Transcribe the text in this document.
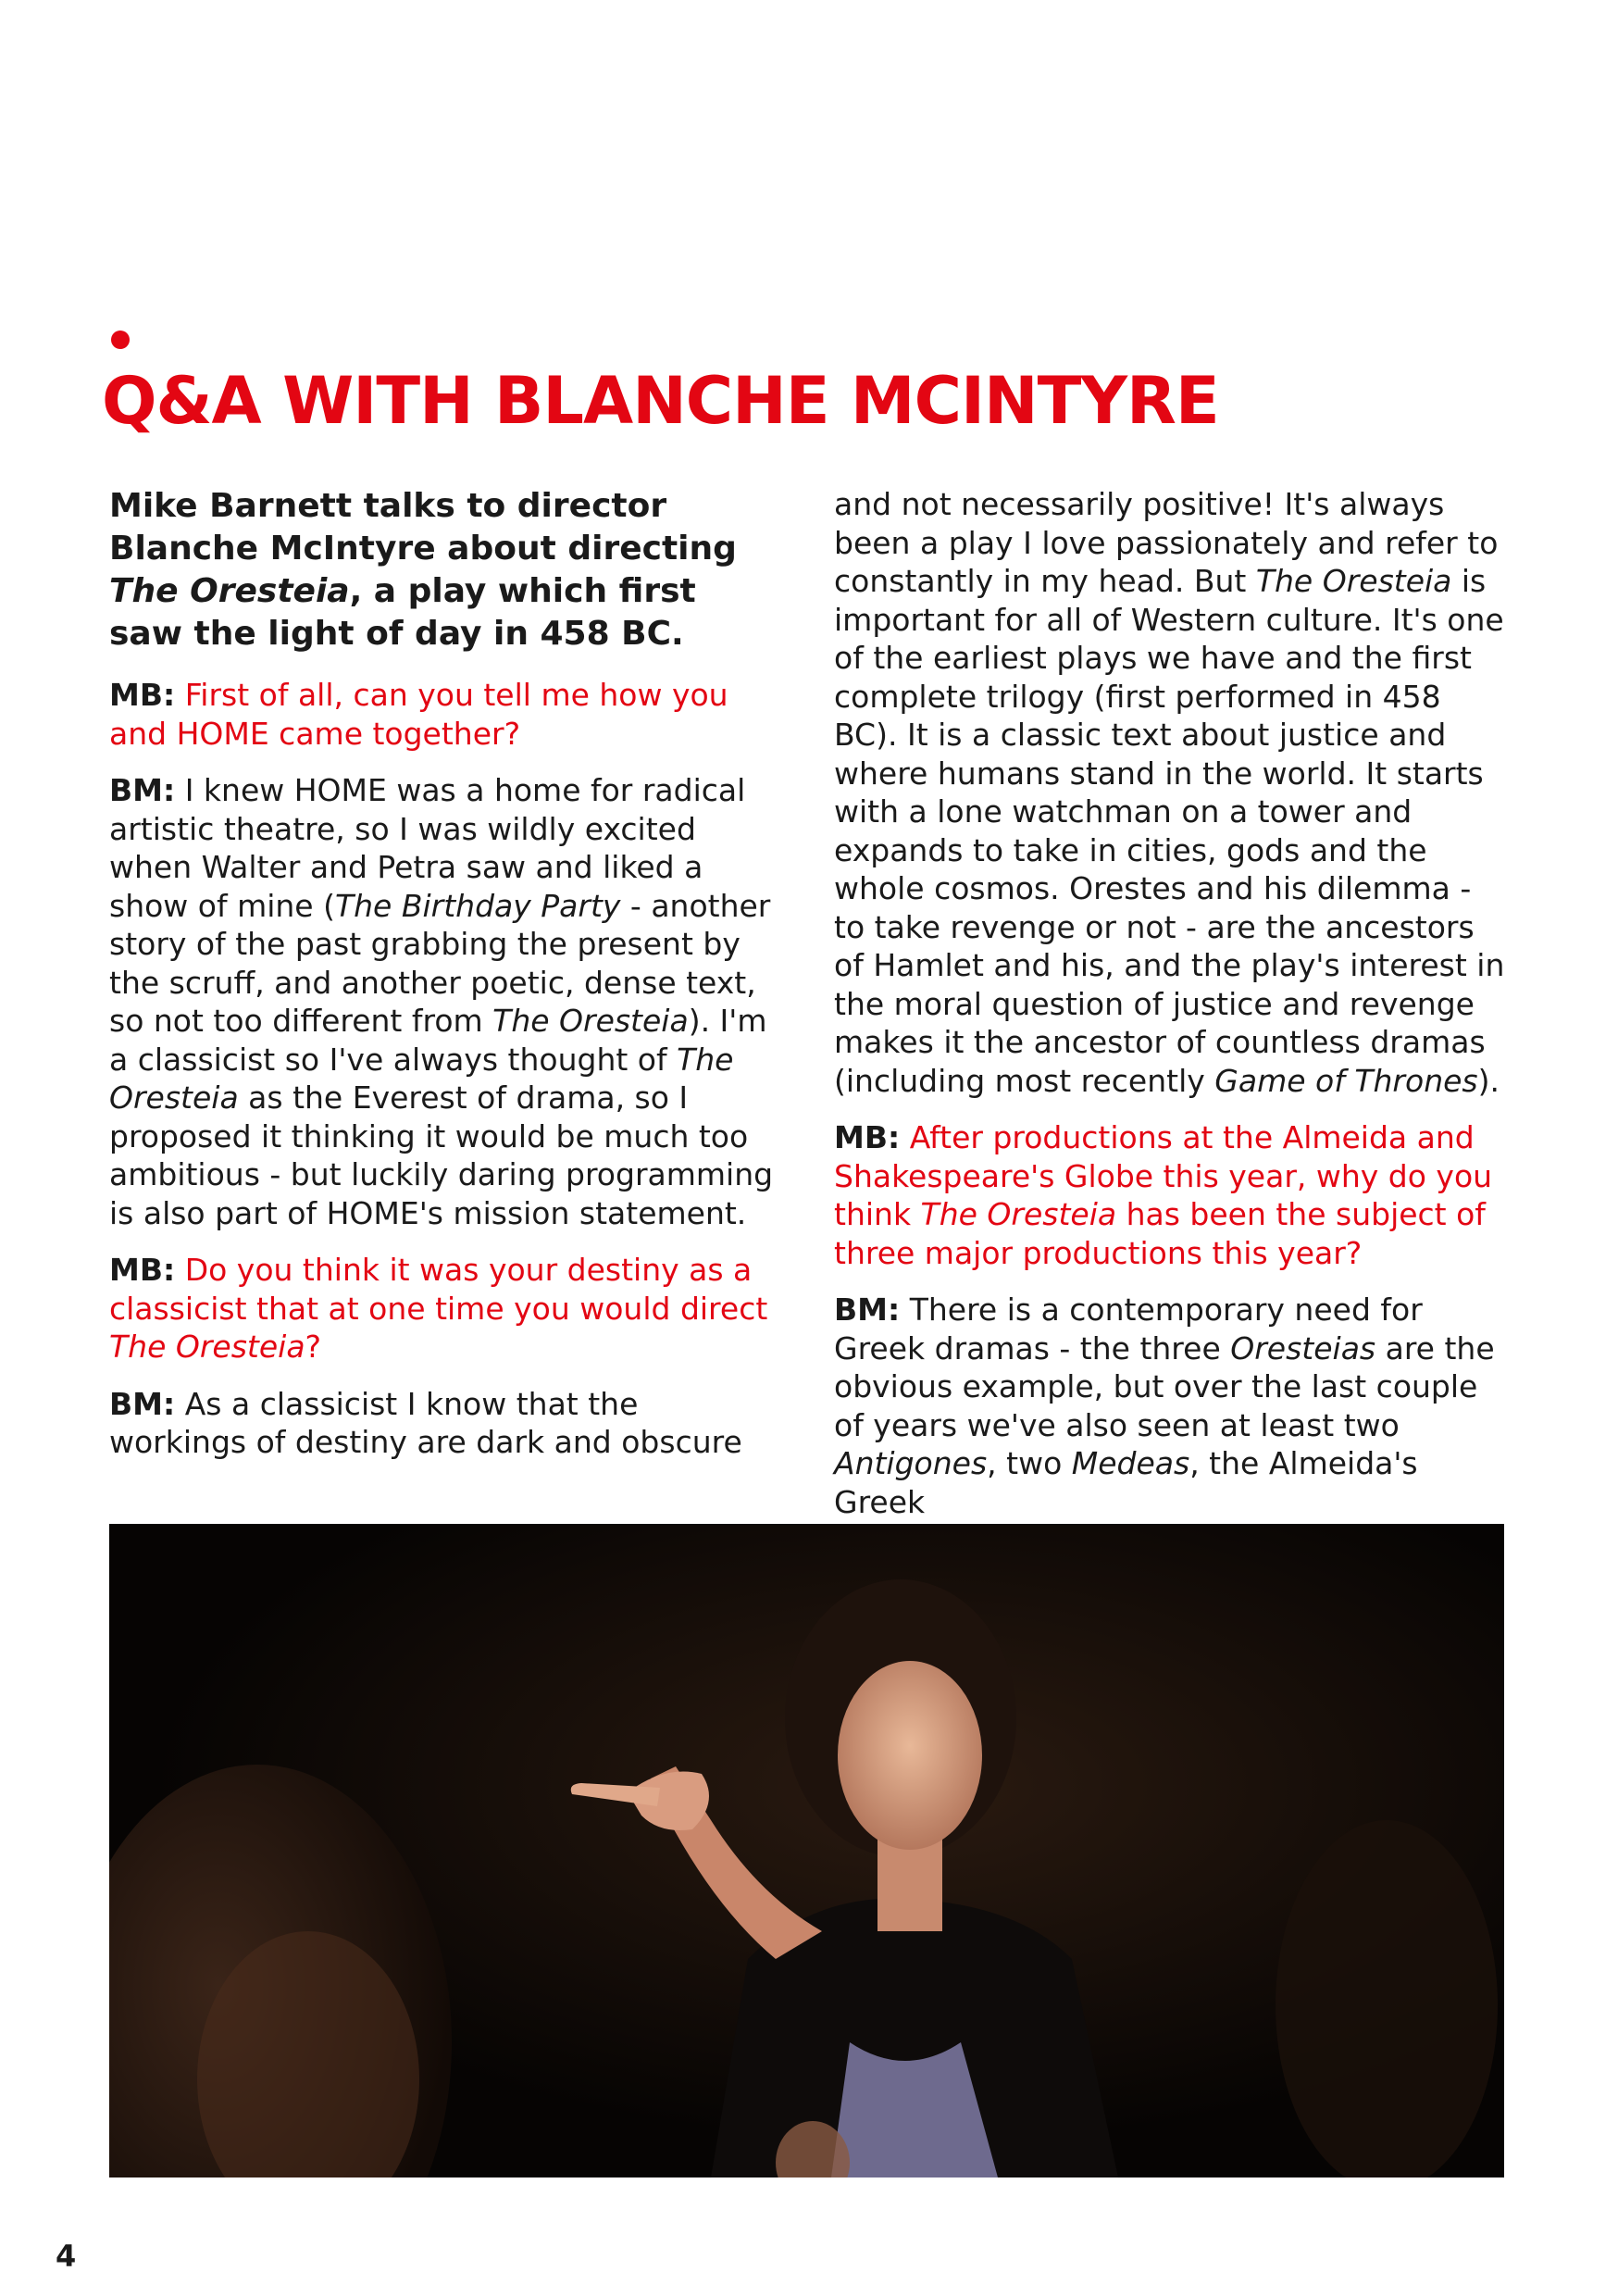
Q&A WITH BLANCHE MCINTYRE

Mike Barnett talks to director Blanche McIntyre about directing The Oresteia, a play which first saw the light of day in 458 BC.

MB: First of all, can you tell me how you and HOME came together?

BM: I knew HOME was a home for radical artistic theatre, so I was wildly excited when Walter and Petra saw and liked a show of mine (The Birthday Party - another story of the past grabbing the present by the scruff, and another poetic, dense text, so not too different from The Oresteia). I'm a classicist so I've always thought of The Oresteia as the Everest of drama, so I proposed it thinking it would be much too ambitious - but luckily daring programming is also part of HOME's mission statement.

MB: Do you think it was your destiny as a classicist that at one time you would direct The Oresteia?

BM: As a classicist I know that the workings of destiny are dark and obscure

and not necessarily positive! It's always been a play I love passionately and refer to constantly in my head. But The Oresteia is important for all of Western culture. It's one of the earliest plays we have and the first complete trilogy (first performed in 458 BC). It is a classic text about justice and where humans stand in the world. It starts with a lone watchman on a tower and expands to take in cities, gods and the whole cosmos. Orestes and his dilemma - to take revenge or not - are the ancestors of Hamlet and his, and the play's interest in the moral question of justice and revenge makes it the ancestor of countless dramas (including most recently Game of Thrones).

MB: After productions at the Almeida and Shakespeare's Globe this year, why do you think The Oresteia has been the subject of three major productions this year?

BM: There is a contemporary need for Greek dramas - the three Oresteias are the obvious example, but over the last couple of years we've also seen at least two Antigones, two Medeas, the Almeida's Greek

4
